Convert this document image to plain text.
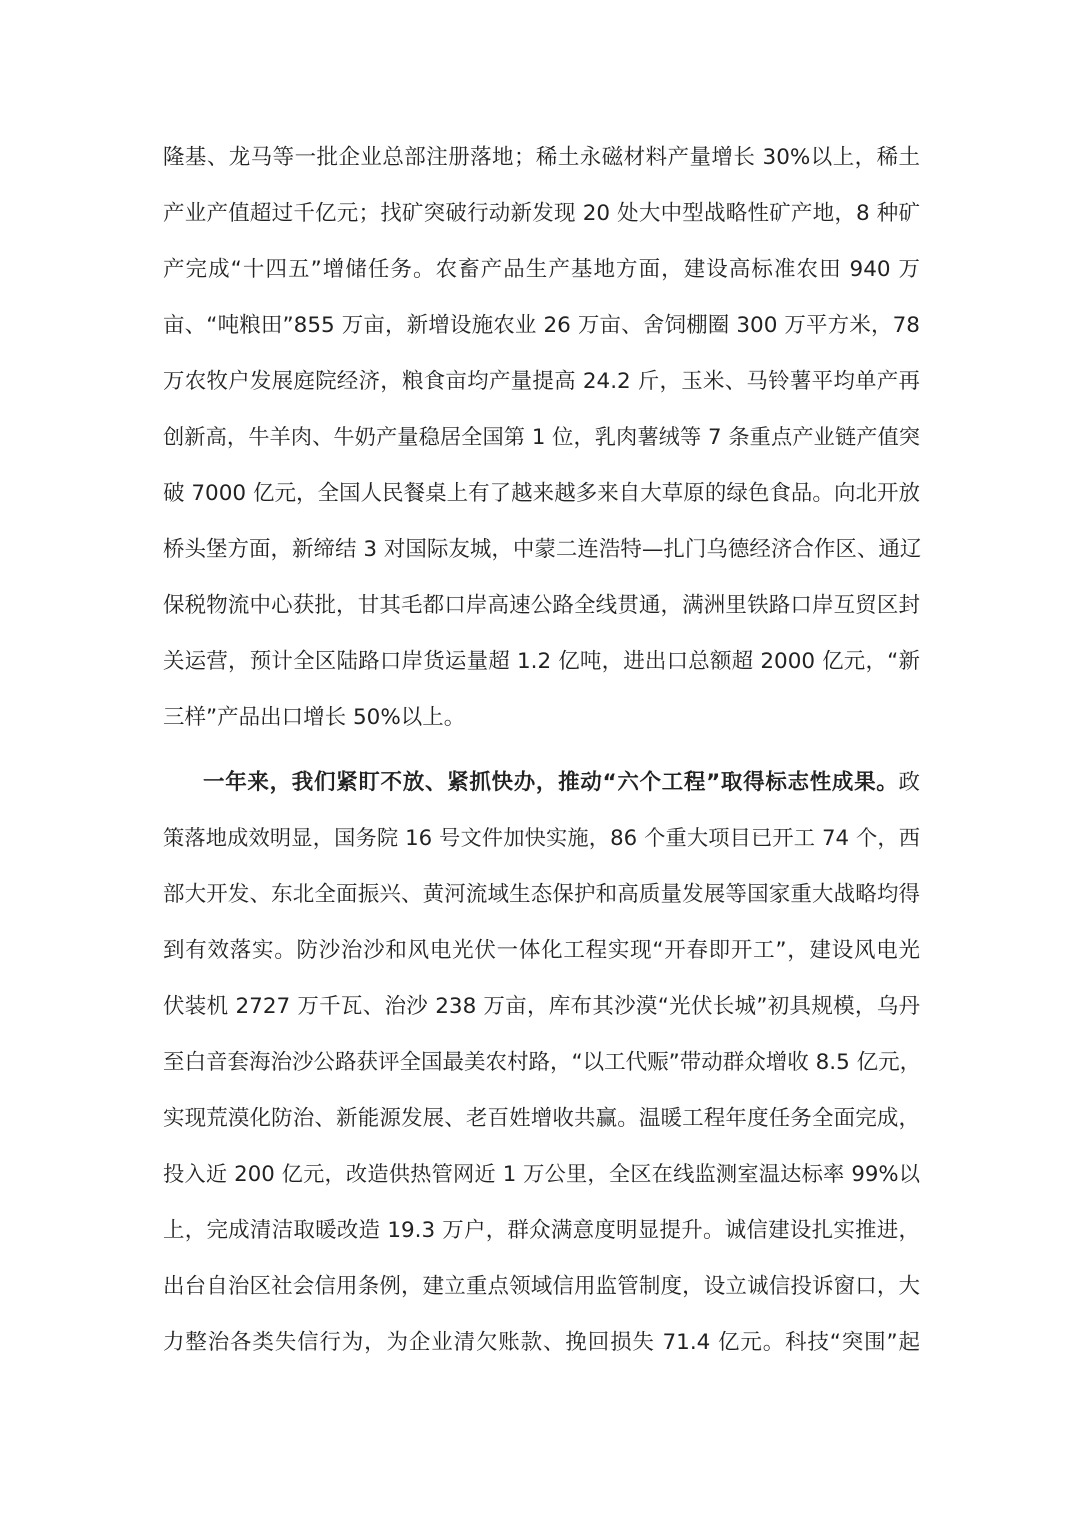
隆基、龙马等一批企业总部注册落地；稀土永磁材料产量增长 30%以上，稀土
产业产值超过千亿元；找矿突破行动新发现 20 处大中型战略性矿产地，8 种矿
产完成“十四五”增储任务。农畜产品生产基地方面，建设高标准农田 940 万
亩、“吨粮田”855 万亩，新增设施农业 26 万亩、舍饲棚圈 300 万平方米，78
万农牧户发展庭院经济，粮食亩均产量提高 24.2 斤，玉米、马铃薯平均单产再
创新高，牛羊肉、牛奶产量稳居全国第 1 位，乳肉薯绒等 7 条重点产业链产值突
破 7000 亿元，全国人民餐桌上有了越来越多来自大草原的绿色食品。向北开放
桥头堡方面，新缔结 3 对国际友城，中蒙二连浩特—扎门乌德经济合作区、通辽
保税物流中心获批，甘其毛都口岸高速公路全线贯通，满洲里铁路口岸互贸区封
关运营，预计全区陆路口岸货运量超 1.2 亿吨，进出口总额超 2000 亿元，“新
三样”产品出口增长 50%以上。
一年来，我们紧盯不放、紧抓快办，推动“六个工程”取得标志性成果。政
策落地成效明显，国务院 16 号文件加快实施，86 个重大项目已开工 74 个，西
部大开发、东北全面振兴、黄河流域生态保护和高质量发展等国家重大战略均得
到有效落实。防沙治沙和风电光伏一体化工程实现“开春即开工”，建设风电光
伏装机 2727 万千瓦、治沙 238 万亩，库布其沙漠“光伏长城”初具规模，乌丹
至白音套海治沙公路获评全国最美农村路，“以工代赈”带动群众增收 8.5 亿元，
实现荒漠化防治、新能源发展、老百姓增收共赢。温暖工程年度任务全面完成，
投入近 200 亿元，改造供热管网近 1 万公里，全区在线监测室温达标率 99%以
上，完成清洁取暖改造 19.3 万户，群众满意度明显提升。诚信建设扎实推进，
出台自治区社会信用条例，建立重点领域信用监管制度，设立诚信投诉窗口，大
力整治各类失信行为，为企业清欠账款、挽回损失 71.4 亿元。科技“突围”起
